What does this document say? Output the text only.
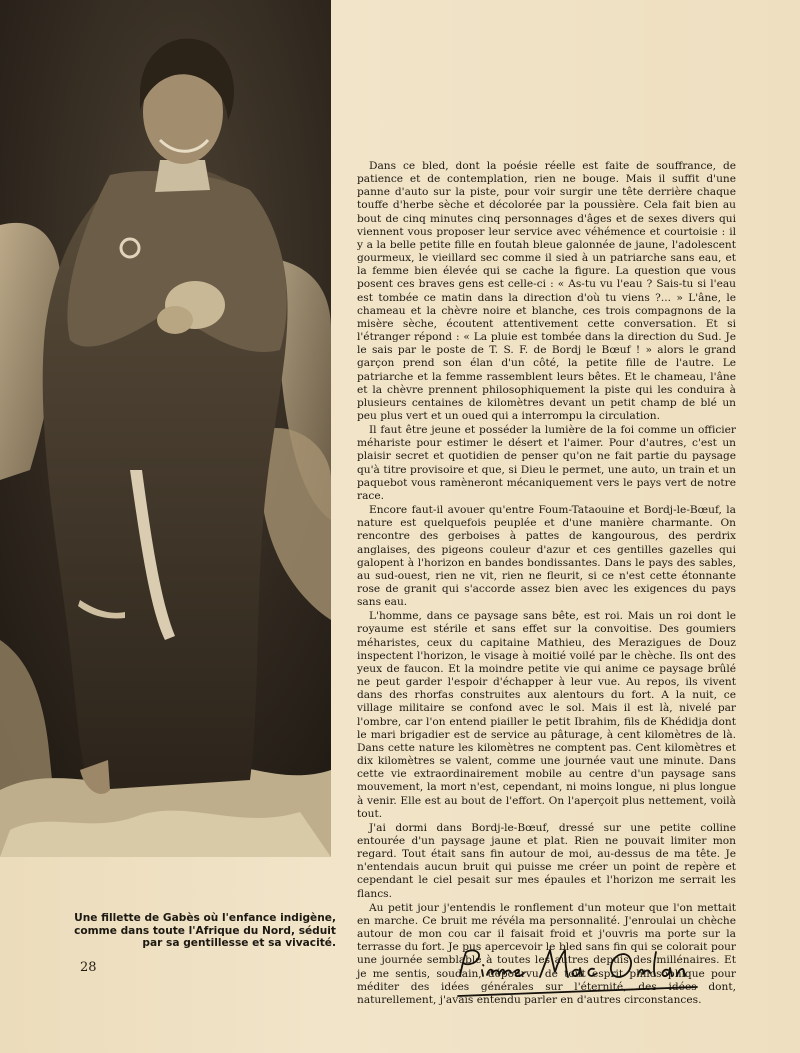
Dans ce bled, dont la poésie réelle est faite de souffrance, de patience et de contemplation, rien ne bouge. Mais il suffit d'une panne d'auto sur la piste, pour voir surgir une tête derrière chaque touffe d'herbe sèche et décolorée par la poussière. Cela fait bien au bout de cinq minutes cinq personnages d'âges et de sexes divers qui viennent vous proposer leur service avec véhémence et courtoisie : il y a la belle petite fille en foutah bleue galonnée de jaune, l'adolescent gourmeux, le vieillard sec comme il sied à un patriarche sans eau, et la femme bien élevée qui se cache la figure. La question que vous posent ces braves gens est celle-ci : « As-tu vu l'eau ? Sais-tu si l'eau est tombée ce matin dans la direction d'où tu viens ?... » L'âne, le chameau et la chèvre noire et blanche, ces trois compagnons de la misère sèche, écoutent attentivement cette conversation. Et si l'étranger répond : « La pluie est tombée dans la direction du Sud. Je le sais par le poste de T. S. F. de Bordj le Bœuf ! » alors le grand garçon prend son élan d'un côté, la petite fille de l'autre. Le patriarche et la femme rassemblent leurs bêtes. Et le chameau, l'âne et la chèvre prennent philosophiquement la piste qui les conduira à plusieurs centaines de kilomètres devant un petit champ de blé un peu plus vert et un oued qui a interrompu la circulation.

Il faut être jeune et posséder la lumière de la foi comme un officier méhariste pour estimer le désert et l'aimer. Pour d'autres, c'est un plaisir secret et quotidien de penser qu'on ne fait partie du paysage qu'à titre provisoire et que, si Dieu le permet, une auto, un train et un paquebot vous ramèneront mécaniquement vers le pays vert de notre race.

Encore faut-il avouer qu'entre Foum-Tataouine et Bordj-le-Bœuf, la nature est quelquefois peuplée et d'une manière charmante. On rencontre des gerboises à pattes de kangourous, des perdrix anglaises, des pigeons couleur d'azur et ces gentilles gazelles qui galopent à l'horizon en bandes bondissantes. Dans le pays des sables, au sud-ouest, rien ne vit, rien ne fleurit, si ce n'est cette étonnante rose de granit qui s'accorde assez bien avec les exigences du pays sans eau.

L'homme, dans ce paysage sans bête, est roi. Mais un roi dont le royaume est stérile et sans effet sur la convoitise. Des goumiers méharistes, ceux du capitaine Mathieu, des Merazigues de Douz inspectent l'horizon, le visage à moitié voilé par le chèche. Ils ont des yeux de faucon. Et la moindre petite vie qui anime ce paysage brûlé ne peut garder l'espoir d'échapper à leur vue. Au repos, ils vivent dans des rhorfas construites aux alentours du fort. A la nuit, ce village militaire se confond avec le sol. Mais il est là, nivelé par l'ombre, car l'on entend piailler le petit Ibrahim, fils de Khédidja dont le mari brigadier est de service au pâturage, à cent kilomètres de là. Dans cette nature les kilomètres ne comptent pas. Cent kilomètres et dix kilomètres se valent, comme une journée vaut une minute. Dans cette vie extraordinairement mobile au centre d'un paysage sans mouvement, la mort n'est, cependant, ni moins longue, ni plus longue à venir. Elle est au bout de l'effort. On l'aperçoit plus nettement, voilà tout.

J'ai dormi dans Bordj-le-Bœuf, dressé sur une petite colline entourée d'un paysage jaune et plat. Rien ne pouvait limiter mon regard. Tout était sans fin autour de moi, au-dessus de ma tête. Je n'entendais aucun bruit qui puisse me créer un point de repère et cependant le ciel pesait sur mes épaules et l'horizon me serrait les flancs.

Au petit jour j'entendis le ronflement d'un moteur que l'on mettait en marche. Ce bruit me révéla ma personnalité. J'enroulai un chèche autour de mon cou car il faisait froid et j'ouvris ma porte sur la terrasse du fort. Je pus apercevoir le bled sans fin qui se colorait pour une journée semblable à toutes les autres depuis des millénaires. Et je me sentis, soudain, dépourvu de tout esprit philosophique pour méditer des idées générales sur l'éternité, des idées dont, naturellement, j'avais entendu parler en d'autres circonstances.

Une fillette de Gabès où l'enfance indigène, comme dans toute l'Afrique du Nord, séduit par sa gentillesse et sa vivacité.
28
